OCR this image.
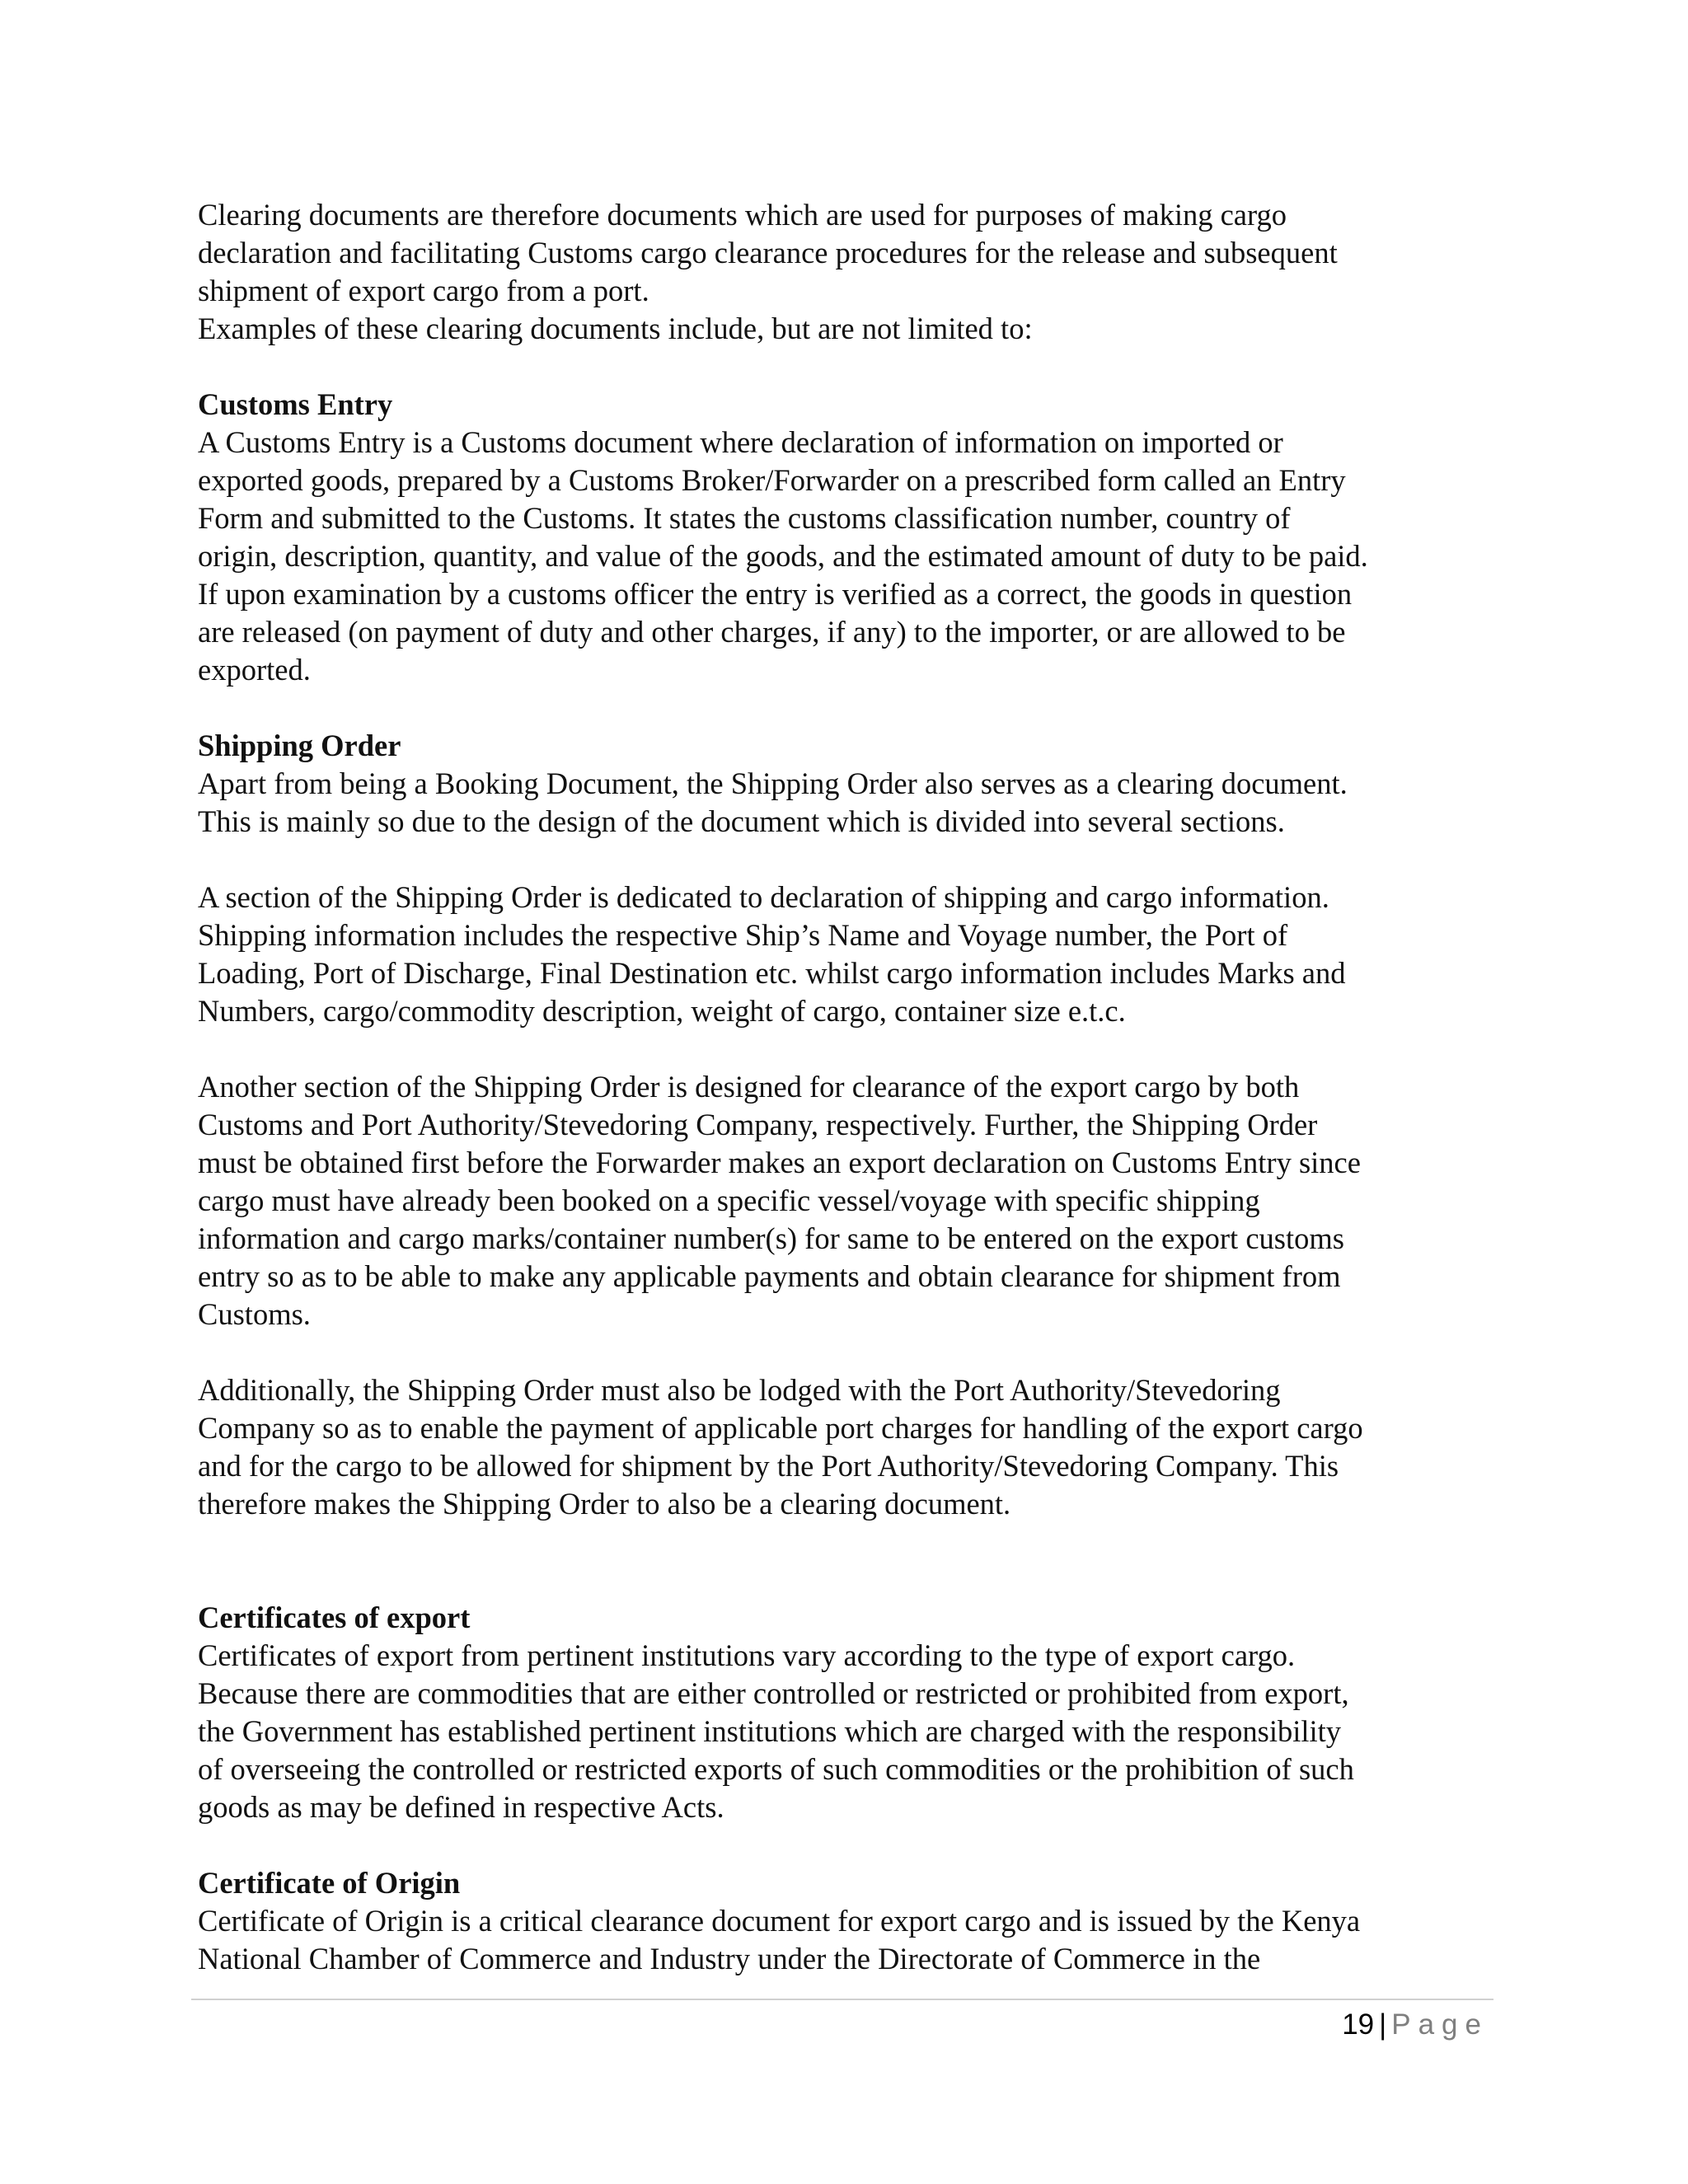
Clearing documents are therefore documents which are used for purposes of making cargo
declaration and facilitating Customs cargo clearance procedures for the release and subsequent
shipment of export cargo from a port.
Examples of these clearing documents include, but are not limited to:

Customs Entry

A Customs Entry is a Customs document where declaration of information on imported or
exported goods, prepared by a Customs Broker/Forwarder on a prescribed form called an Entry
Form and submitted to the Customs. It states the customs classification number, country of
origin, description, quantity, and value of the goods, and the estimated amount of duty to be paid.
If upon examination by a customs officer the entry is verified as a correct, the goods in question
are released (on payment of duty and other charges, if any) to the importer, or are allowed to be
exported.

Shipping Order

Apart from being a Booking Document, the Shipping Order also serves as a clearing document.
This is mainly so due to the design of the document which is divided into several sections.

A section of the Shipping Order is dedicated to declaration of shipping and cargo information.
Shipping information includes the respective Ship’s Name and Voyage number, the Port of
Loading, Port of Discharge, Final Destination etc. whilst cargo information includes Marks and
Numbers, cargo/commodity description, weight of cargo, container size e.t.c.

Another section of the Shipping Order is designed for clearance of the export cargo by both
Customs and Port Authority/Stevedoring Company, respectively. Further, the Shipping Order
must be obtained first before the Forwarder makes an export declaration on Customs Entry since
cargo must have already been booked on a specific vessel/voyage with specific shipping
information and cargo marks/container number(s) for same to be entered on the export customs
entry so as to be able to make any applicable payments and obtain clearance for shipment from
Customs.

Additionally, the Shipping Order must also be lodged with the Port Authority/Stevedoring
Company so as to enable the payment of applicable port charges for handling of the export cargo
and for the cargo to be allowed for shipment by the Port Authority/Stevedoring Company. This
therefore makes the Shipping Order to also be a clearing document.

Certificates of export

Certificates of export from pertinent institutions vary according to the type of export cargo.
Because there are commodities that are either controlled or restricted or prohibited from export,
the Government has established pertinent institutions which are charged with the responsibility
of overseeing the controlled or restricted exports of such commodities or the prohibition of such
goods as may be defined in respective Acts.

Certificate of Origin

Certificate of Origin is a critical clearance document for export cargo and is issued by the Kenya
National Chamber of Commerce and Industry under the Directorate of Commerce in the

19 | Page
